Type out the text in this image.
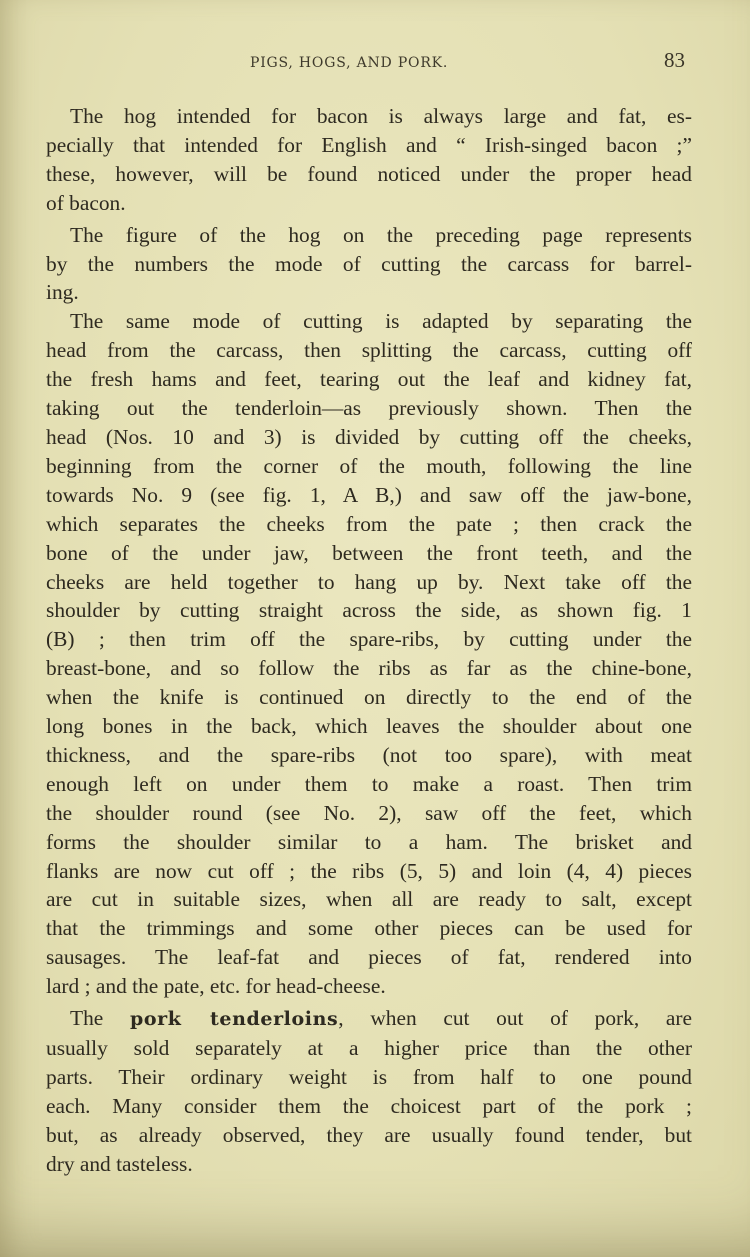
PIGS, HOGS, AND PORK.	83
The hog intended for bacon is always large and fat, es-
pecially that intended for English and “ Irish-singed bacon ;”
these, however, will be found noticed under the proper head
of bacon.
The figure of the hog on the preceding page represents
by the numbers the mode of cutting the carcass for barrel-
ing.
The same mode of cutting is adapted by separating the
head from the carcass, then splitting the carcass, cutting off
the fresh hams and feet, tearing out the leaf and kidney fat,
taking out the tenderloin—as previously shown. Then the
head (Nos. 10 and 3) is divided by cutting off the cheeks,
beginning from the corner of the mouth, following the line
towards No. 9 (see fig. 1, A B,) and saw off the jaw-bone,
which separates the cheeks from the pate ; then crack the
bone of the under jaw, between the front teeth, and the
cheeks are held together to hang up by. Next take off the
shoulder by cutting straight across the side, as shown fig. 1
(B) ; then trim off the spare-ribs, by cutting under the
breast-bone, and so follow the ribs as far as the chine-bone,
when the knife is continued on directly to the end of the
long bones in the back, which leaves the shoulder about one
thickness, and the spare-ribs (not too spare), with meat
enough left on under them to make a roast. Then trim
the shoulder round (see No. 2), saw off the feet, which
forms the shoulder similar to a ham. The brisket and
flanks are now cut off ; the ribs (5, 5) and loin (4, 4) pieces
are cut in suitable sizes, when all are ready to salt, except
that the trimmings and some other pieces can be used for
sausages. The leaf-fat and pieces of fat, rendered into
lard ; and the pate, etc. for head-cheese.
The pork tenderloins, when cut out of pork, are
usually sold separately at a higher price than the other
parts. Their ordinary weight is from half to one pound
each. Many consider them the choicest part of the pork ;
but, as already observed, they are usually found tender, but
dry and tasteless.
